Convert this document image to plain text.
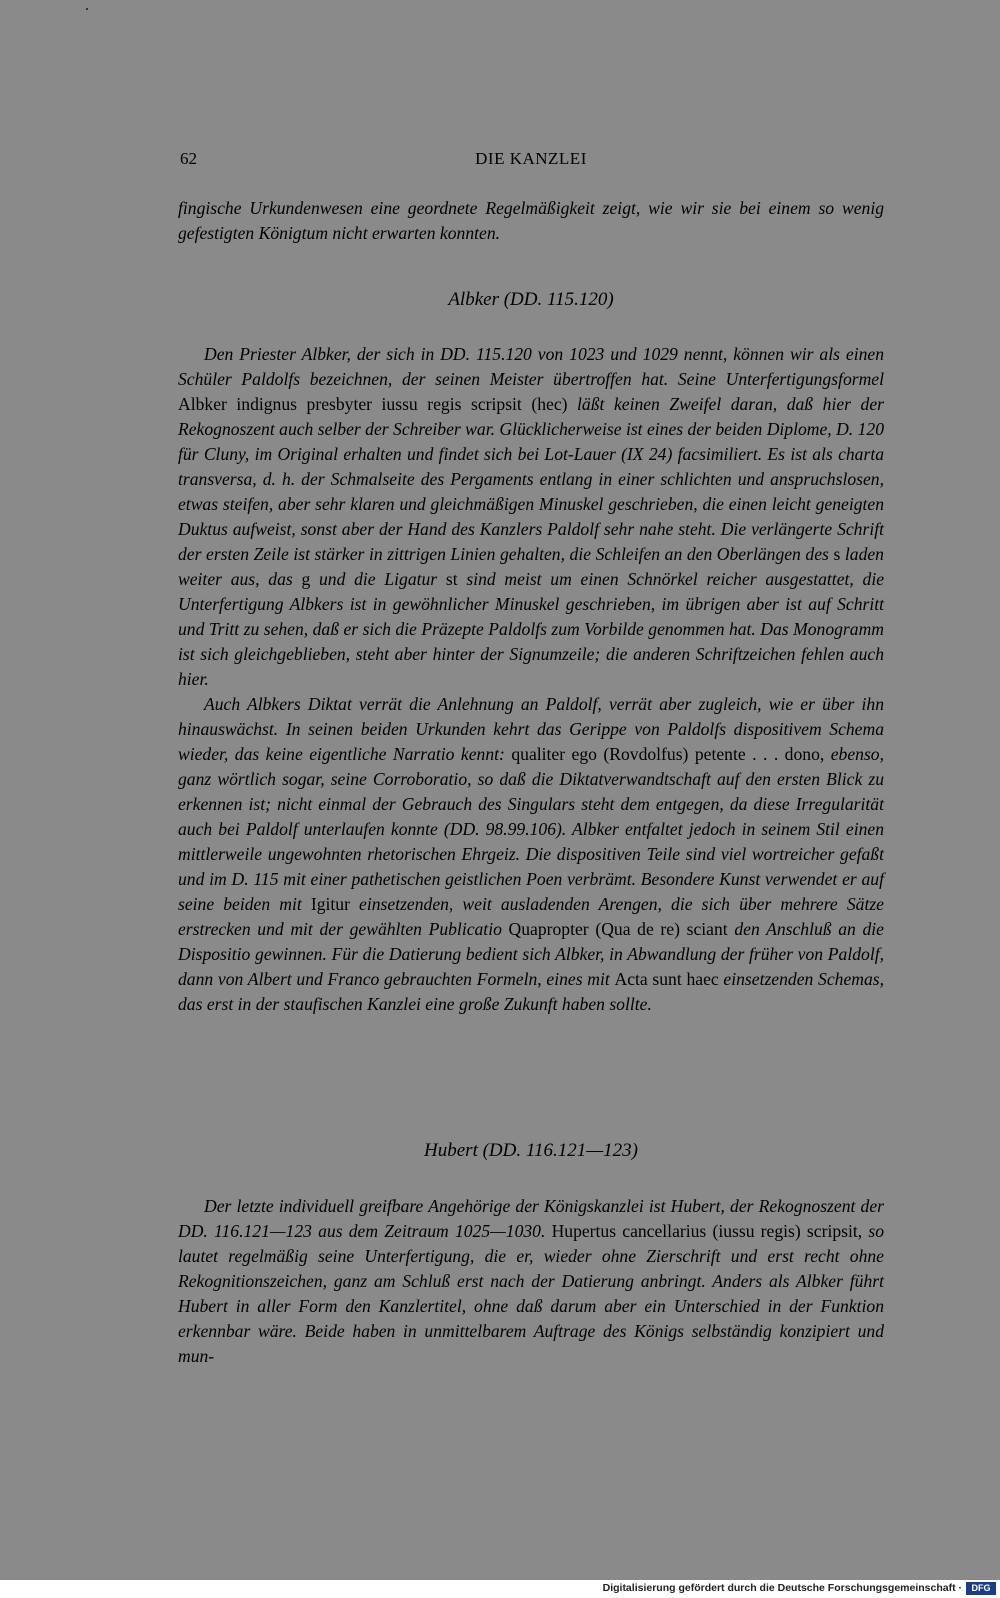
62	DIE KANZLEI

fingische Urkundenwesen eine geordnete Regelmäßigkeit zeigt, wie wir sie bei einem so wenig gefestigten Königtum nicht erwarten konnten.

Albker (DD. 115.120)

Den Priester Albker, der sich in DD. 115.120 von 1023 und 1029 nennt, können wir als einen Schüler Paldolfs bezeichnen, der seinen Meister übertroffen hat. Seine Unterfertigungsformel Albker indignus presbyter iussu regis scripsit (hec) läßt keinen Zweifel daran, daß hier der Rekognoszent auch selber der Schreiber war. Glücklicherweise ist eines der beiden Diplome, D. 120 für Cluny, im Original erhalten und findet sich bei Lot-Lauer (IX 24) facsimiliert. Es ist als charta transversa, d. h. der Schmalseite des Pergaments entlang in einer schlichten und anspruchslosen, etwas steifen, aber sehr klaren und gleichmäßigen Minuskel geschrieben, die einen leicht geneigten Duktus aufweist, sonst aber der Hand des Kanzlers Paldolf sehr nahe steht. Die verlängerte Schrift der ersten Zeile ist stärker in zittrigen Linien gehalten, die Schleifen an den Oberlängen des s laden weiter aus, das g und die Ligatur st sind meist um einen Schnörkel reicher ausgestattet, die Unterfertigung Albkers ist in gewöhnlicher Minuskel geschrieben, im übrigen aber ist auf Schritt und Tritt zu sehen, daß er sich die Präzepte Paldolfs zum Vorbilde genommen hat. Das Monogramm ist sich gleichgeblieben, steht aber hinter der Signumzeile; die anderen Schriftzeichen fehlen auch hier.

Auch Albkers Diktat verrät die Anlehnung an Paldolf, verrät aber zugleich, wie er über ihn hinauswächst. In seinen beiden Urkunden kehrt das Gerippe von Paldolfs dispositivem Schema wieder, das keine eigentliche Narratio kennt: qualiter ego (Rovdolfus) petente . . . dono, ebenso, ganz wörtlich sogar, seine Corroboratio, so daß die Diktatverwandtschaft auf den ersten Blick zu erkennen ist; nicht einmal der Gebrauch des Singulars steht dem entgegen, da diese Irregularität auch bei Paldolf unterlaufen konnte (DD. 98.99.106). Albker entfaltet jedoch in seinem Stil einen mittlerweile ungewohnten rhetorischen Ehrgeiz. Die dispositiven Teile sind viel wortreicher gefaßt und im D. 115 mit einer pathetischen geistlichen Poen verbrämt. Besondere Kunst verwendet er auf seine beiden mit Igitur einsetzenden, weit ausladenden Arengen, die sich über mehrere Sätze erstrecken und mit der gewählten Publicatio Quapropter (Qua de re) sciant den Anschluß an die Dispositio gewinnen. Für die Datierung bedient sich Albker, in Abwandlung der früher von Paldolf, dann von Albert und Franco gebrauchten Formeln, eines mit Acta sunt haec einsetzenden Schemas, das erst in der staufischen Kanzlei eine große Zukunft haben sollte.

Hubert (DD. 116.121—123)

Der letzte individuell greifbare Angehörige der Königskanzlei ist Hubert, der Rekognoszent der DD. 116.121—123 aus dem Zeitraum 1025—1030. Hupertus cancellarius (iussu regis) scripsit, so lautet regelmäßig seine Unterfertigung, die er, wieder ohne Zierschrift und erst recht ohne Rekognitionszeichen, ganz am Schluß erst nach der Datierung anbringt. Anders als Albker führt Hubert in aller Form den Kanzlertitel, ohne daß darum aber ein Unterschied in der Funktion erkennbar wäre. Beide haben in unmittelbarem Auftrage des Königs selbständig konzipiert und mun-

Digitalisierung gefördert durch die Deutsche Forschungsgemeinschaft ·	DFG
